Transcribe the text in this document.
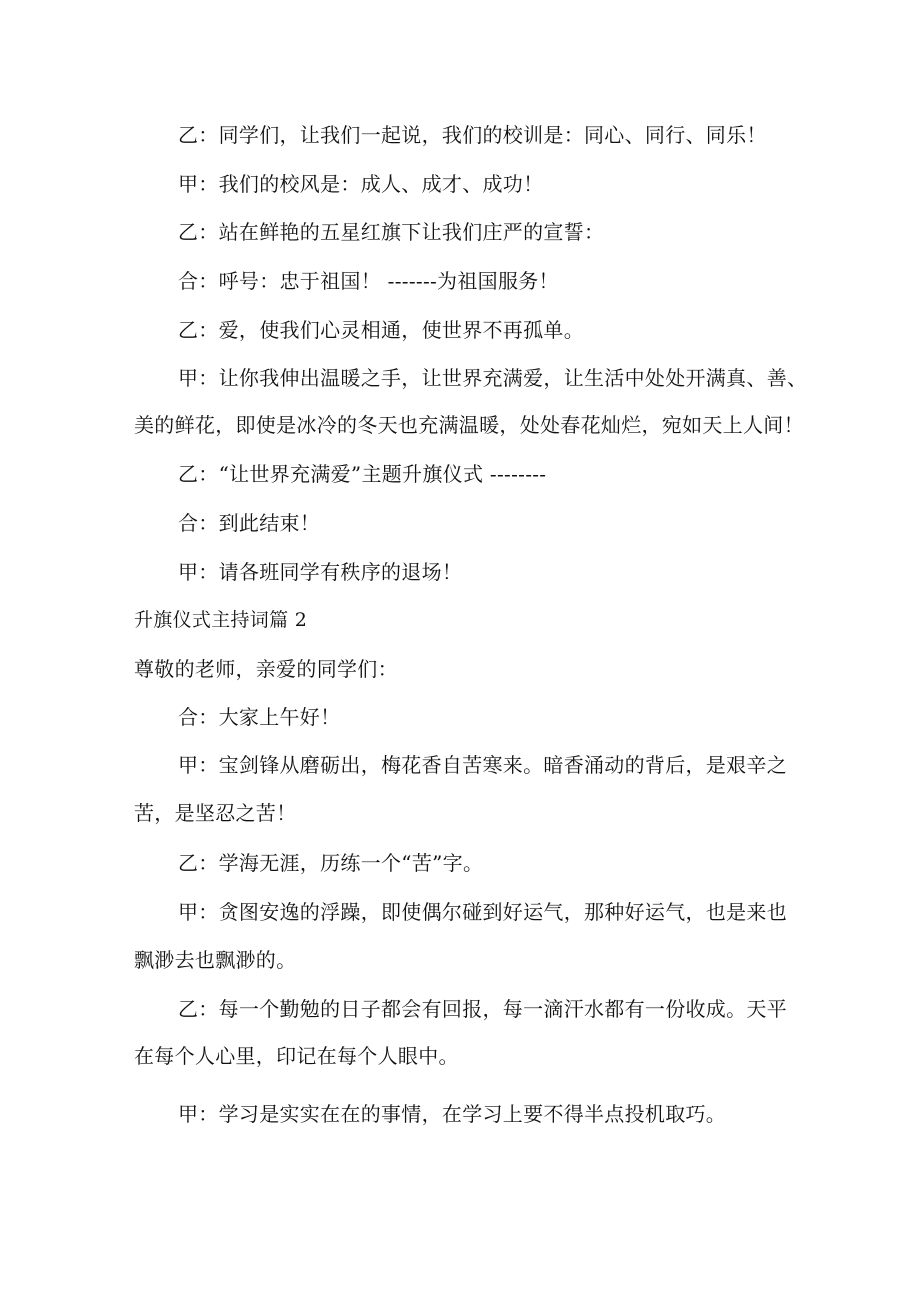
乙：同学们，让我们一起说，我们的校训是：同心、同行、同乐！
甲：我们的校风是：成人、成才、成功！
乙：站在鲜艳的五星红旗下让我们庄严的宣誓：
合：呼号：忠于祖国！ -------为祖国服务！
乙：爱，使我们心灵相通，使世界不再孤单。
甲：让你我伸出温暖之手，让世界充满爱，让生活中处处开满真、善、
美的鲜花，即使是冰冷的冬天也充满温暖，处处春花灿烂，宛如天上人间！
乙：“让世界充满爱”主题升旗仪式 --------
合：到此结束！
甲：请各班同学有秩序的退场！
升旗仪式主持词篇 2
尊敬的老师，亲爱的同学们：
合：大家上午好！
甲：宝剑锋从磨砺出，梅花香自苦寒来。暗香涌动的背后，是艰辛之
苦，是坚忍之苦！
乙：学海无涯，历练一个“苦”字。
甲：贪图安逸的浮躁，即使偶尔碰到好运气，那种好运气，也是来也
飘渺去也飘渺的。
乙：每一个勤勉的日子都会有回报，每一滴汗水都有一份收成。天平
在每个人心里，印记在每个人眼中。
甲：学习是实实在在的事情，在学习上要不得半点投机取巧。
